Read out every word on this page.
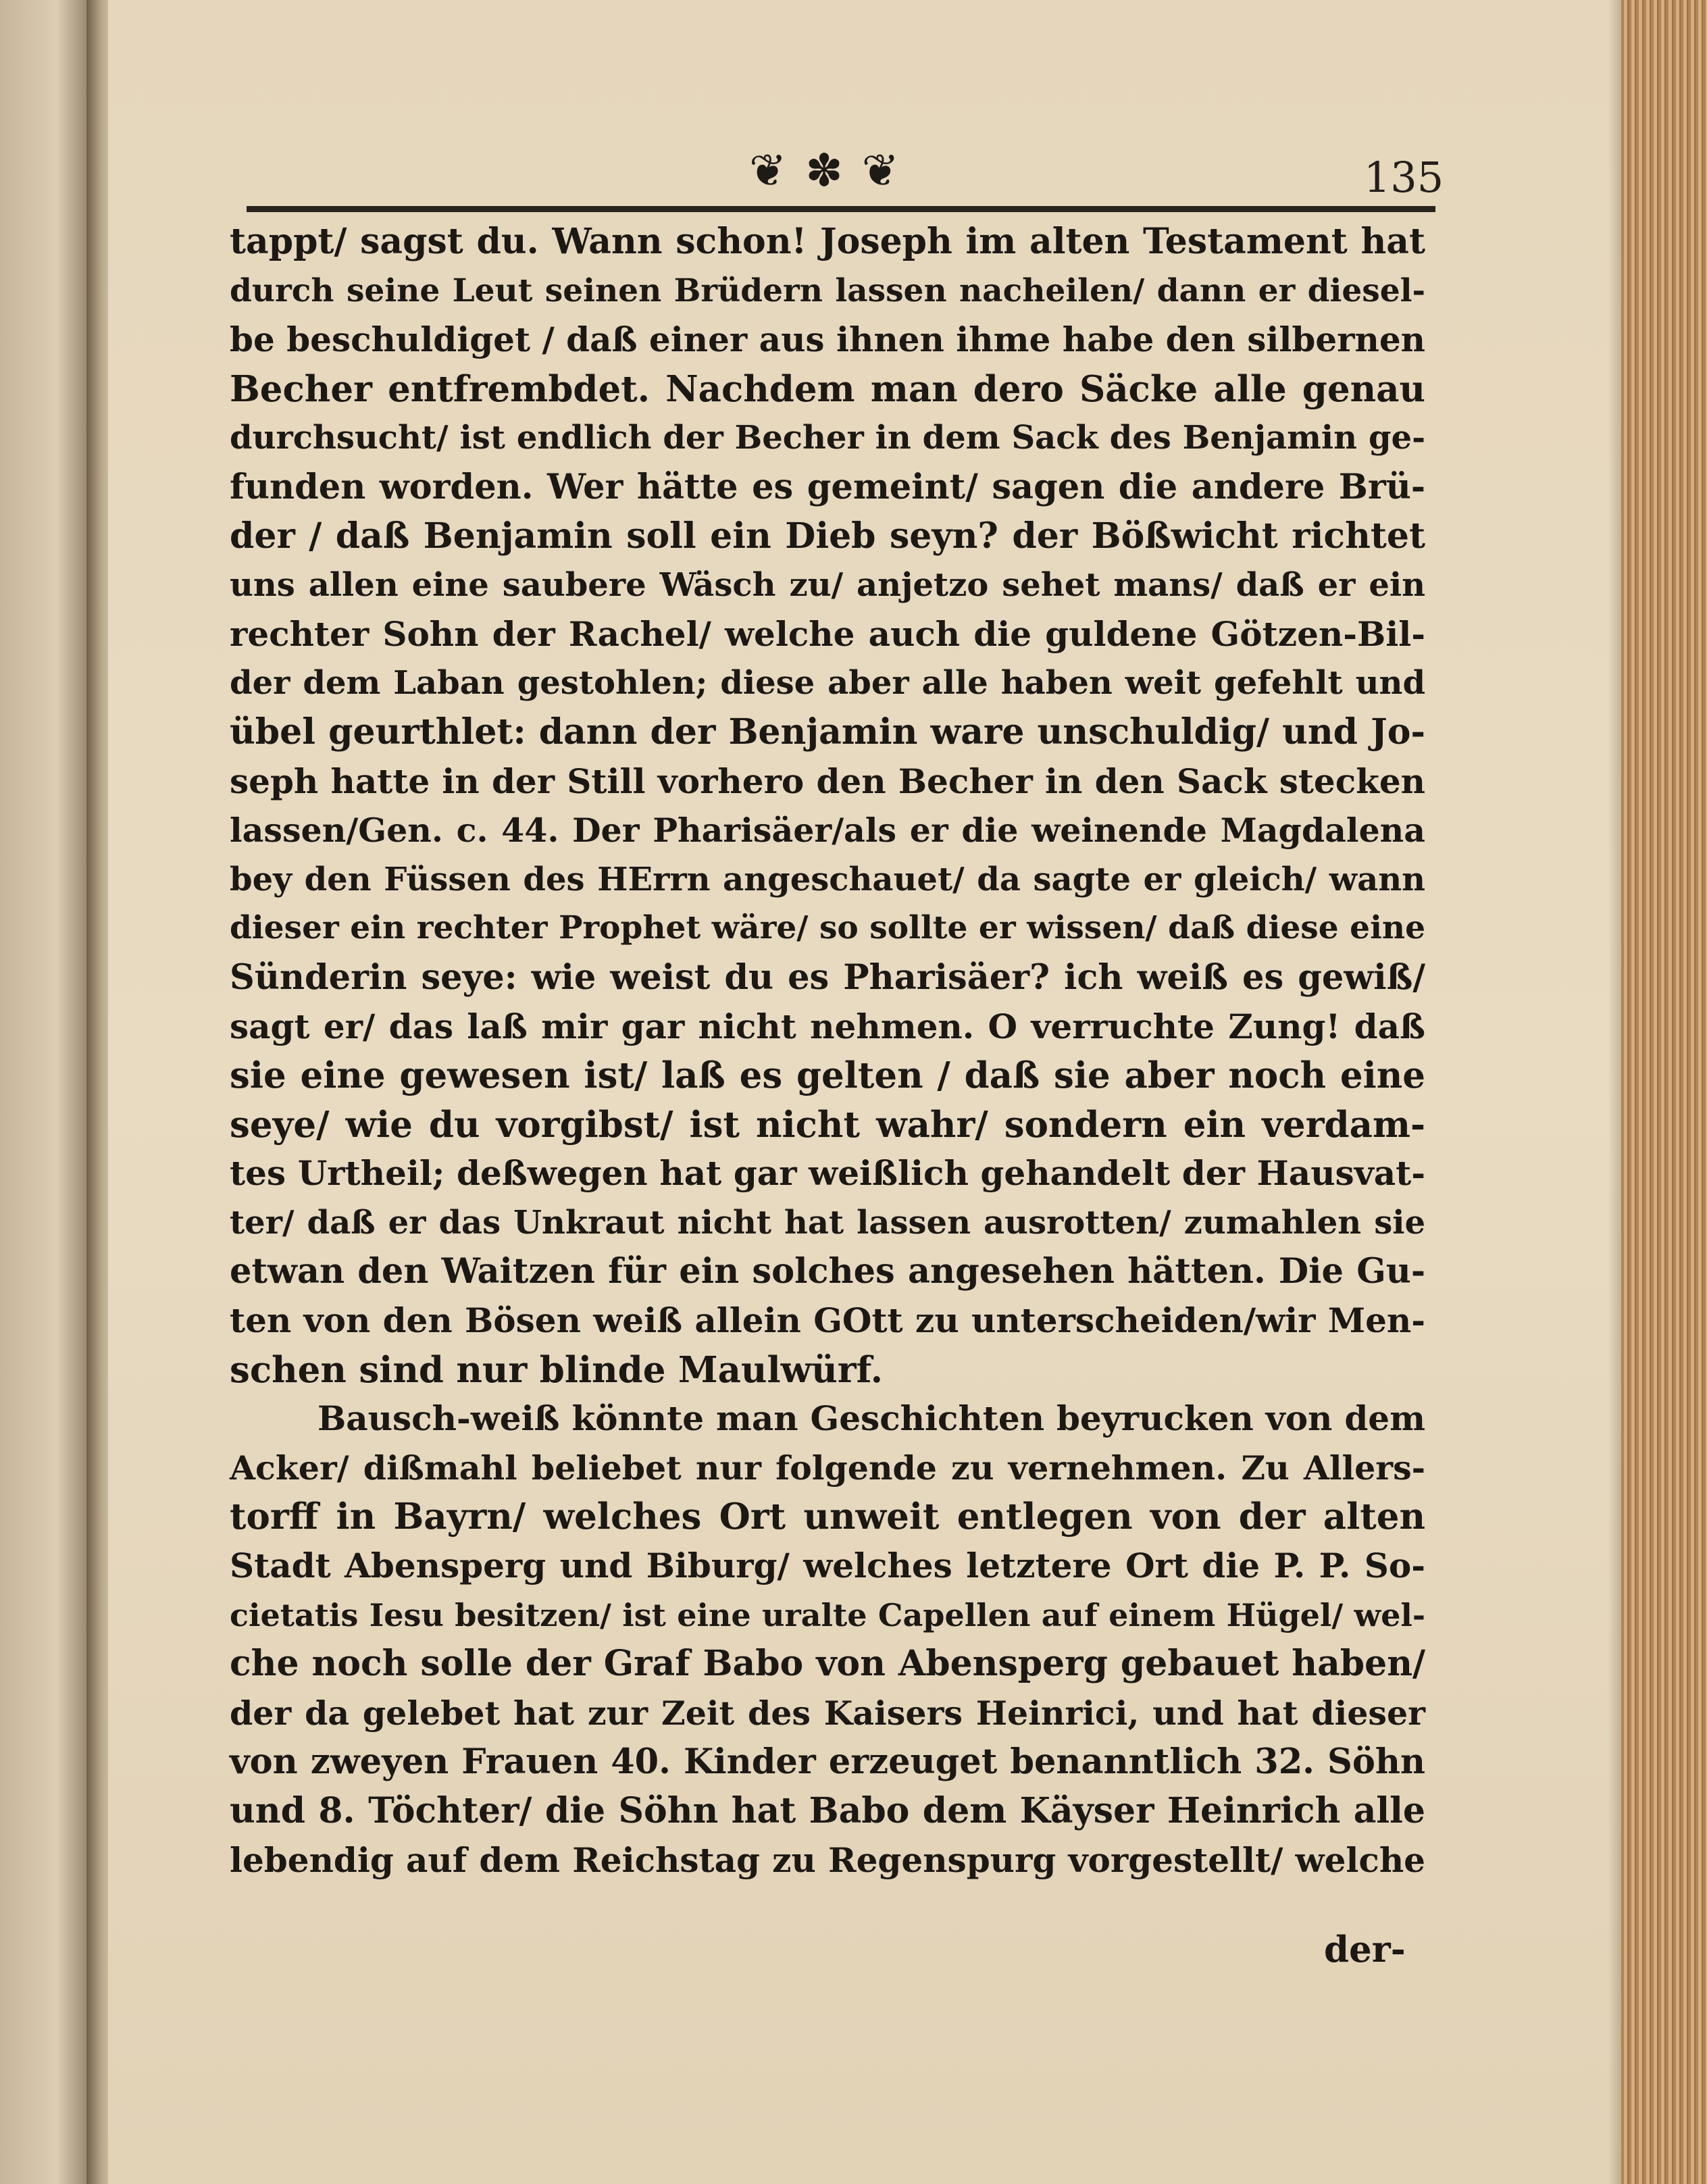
❦ ✽ ❦	135
tappt/ sagst du. Wann schon! Joseph im alten Testament hat
durch seine Leut seinen Brüdern lassen nacheilen/ dann er diesel-
be beschuldiget / daß einer aus ihnen ihme habe den silbernen
Becher entfrembdet. Nachdem man dero Säcke alle genau
durchsucht/ ist endlich der Becher in dem Sack des Benjamin ge-
funden worden. Wer hätte es gemeint/ sagen die andere Brü-
der / daß Benjamin soll ein Dieb seyn? der Bößwicht richtet
uns allen eine saubere Wäsch zu/ anjetzo sehet mans/ daß er ein
rechter Sohn der Rachel/ welche auch die guldene Götzen-Bil-
der dem Laban gestohlen; diese aber alle haben weit gefehlt und
übel geurthlet: dann der Benjamin ware unschuldig/ und Jo-
seph hatte in der Still vorhero den Becher in den Sack stecken
lassen/Gen. c. 44. Der Pharisäer/als er die weinende Magdalena
bey den Füssen des HErrn angeschauet/ da sagte er gleich/ wann
dieser ein rechter Prophet wäre/ so sollte er wissen/ daß diese eine
Sünderin seye: wie weist du es Pharisäer? ich weiß es gewiß/
sagt er/ das laß mir gar nicht nehmen. O verruchte Zung! daß
sie eine gewesen ist/ laß es gelten / daß sie aber noch eine
seye/ wie du vorgibst/ ist nicht wahr/ sondern ein verdam-
tes Urtheil; deßwegen hat gar weißlich gehandelt der Hausvat-
ter/ daß er das Unkraut nicht hat lassen ausrotten/ zumahlen sie
etwan den Waitzen für ein solches angesehen hätten. Die Gu-
ten von den Bösen weiß allein GOtt zu unterscheiden/wir Men-
schen sind nur blinde Maulwürf.
Bausch-weiß könnte man Geschichten beyrucken von dem
Acker/ dißmahl beliebet nur folgende zu vernehmen. Zu Allers-
torff in Bayrn/ welches Ort unweit entlegen von der alten
Stadt Abensperg und Biburg/ welches letztere Ort die P. P. So-
cietatis Iesu besitzen/ ist eine uralte Capellen auf einem Hügel/ wel-
che noch solle der Graf Babo von Abensperg gebauet haben/
der da gelebet hat zur Zeit des Kaisers Heinrici, und hat dieser
von zweyen Frauen 40. Kinder erzeuget benanntlich 32. Söhn
und 8. Töchter/ die Söhn hat Babo dem Käyser Heinrich alle
lebendig auf dem Reichstag zu Regenspurg vorgestellt/ welche
der-
